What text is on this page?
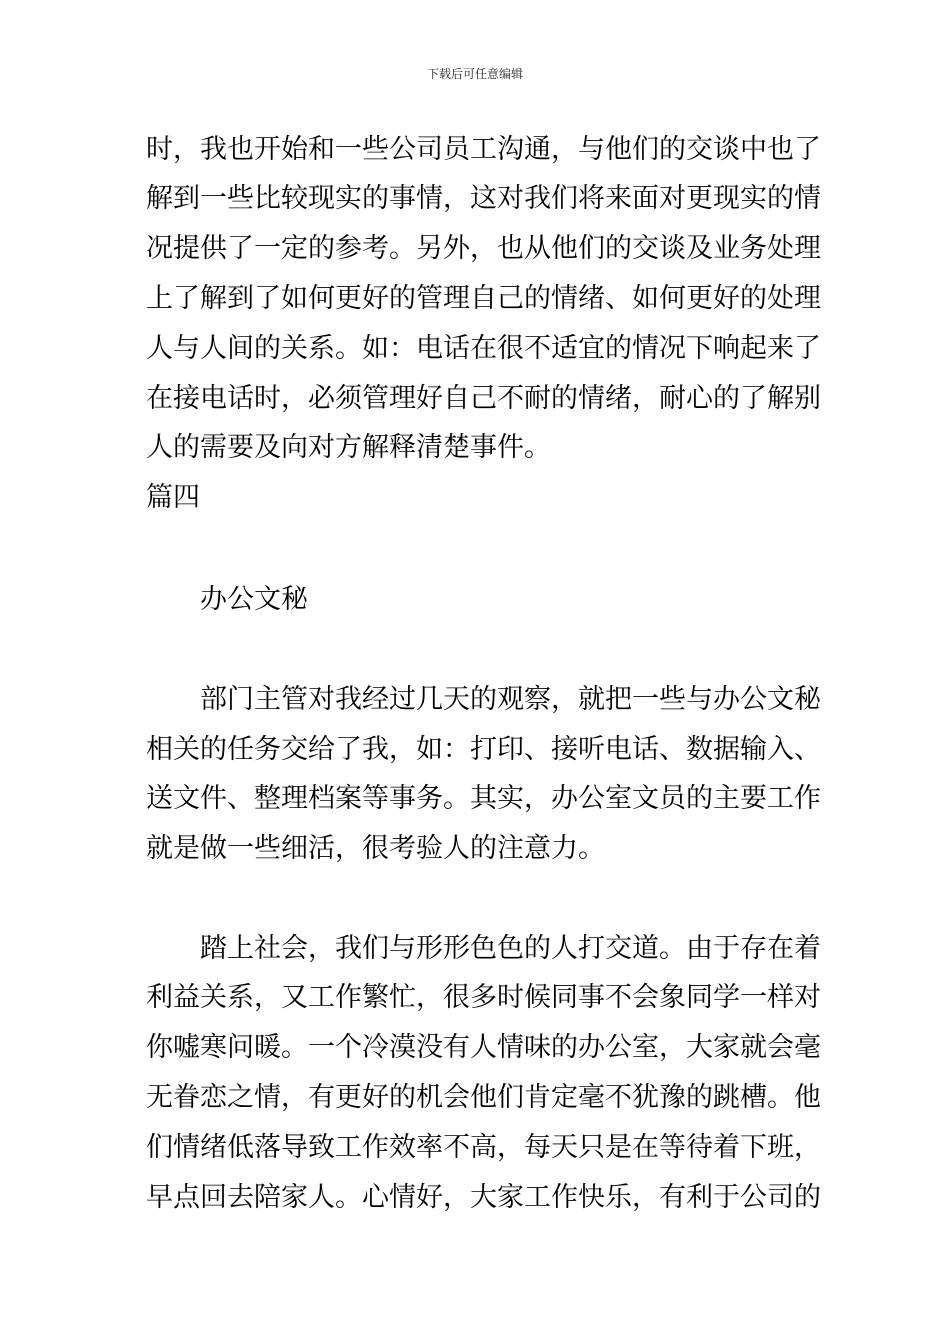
下载后可任意编辑
时，我也开始和一些公司员工沟通，与他们的交谈中也了
解到一些比较现实的事情，这对我们将来面对更现实的情
况提供了一定的参考。另外，也从他们的交谈及业务处理
上了解到了如何更好的管理自己的情绪、如何更好的处理
人与人间的关系。如：电话在很不适宜的情况下响起来了
在接电话时，必须管理好自己不耐的情绪，耐心的了解别
人的需要及向对方解释清楚事件。
篇四
办公文秘
部门主管对我经过几天的观察，就把一些与办公文秘
相关的任务交给了我，如：打印、接听电话、数据输入、
送文件、整理档案等事务。其实，办公室文员的主要工作
就是做一些细活，很考验人的注意力。
踏上社会，我们与形形色色的人打交道。由于存在着
利益关系，又工作繁忙，很多时候同事不会象同学一样对
你嘘寒问暖。一个冷漠没有人情味的办公室，大家就会毫
无眷恋之情，有更好的机会他们肯定毫不犹豫的跳槽。他
们情绪低落导致工作效率不高，每天只是在等待着下班，
早点回去陪家人。心情好，大家工作快乐，有利于公司的
